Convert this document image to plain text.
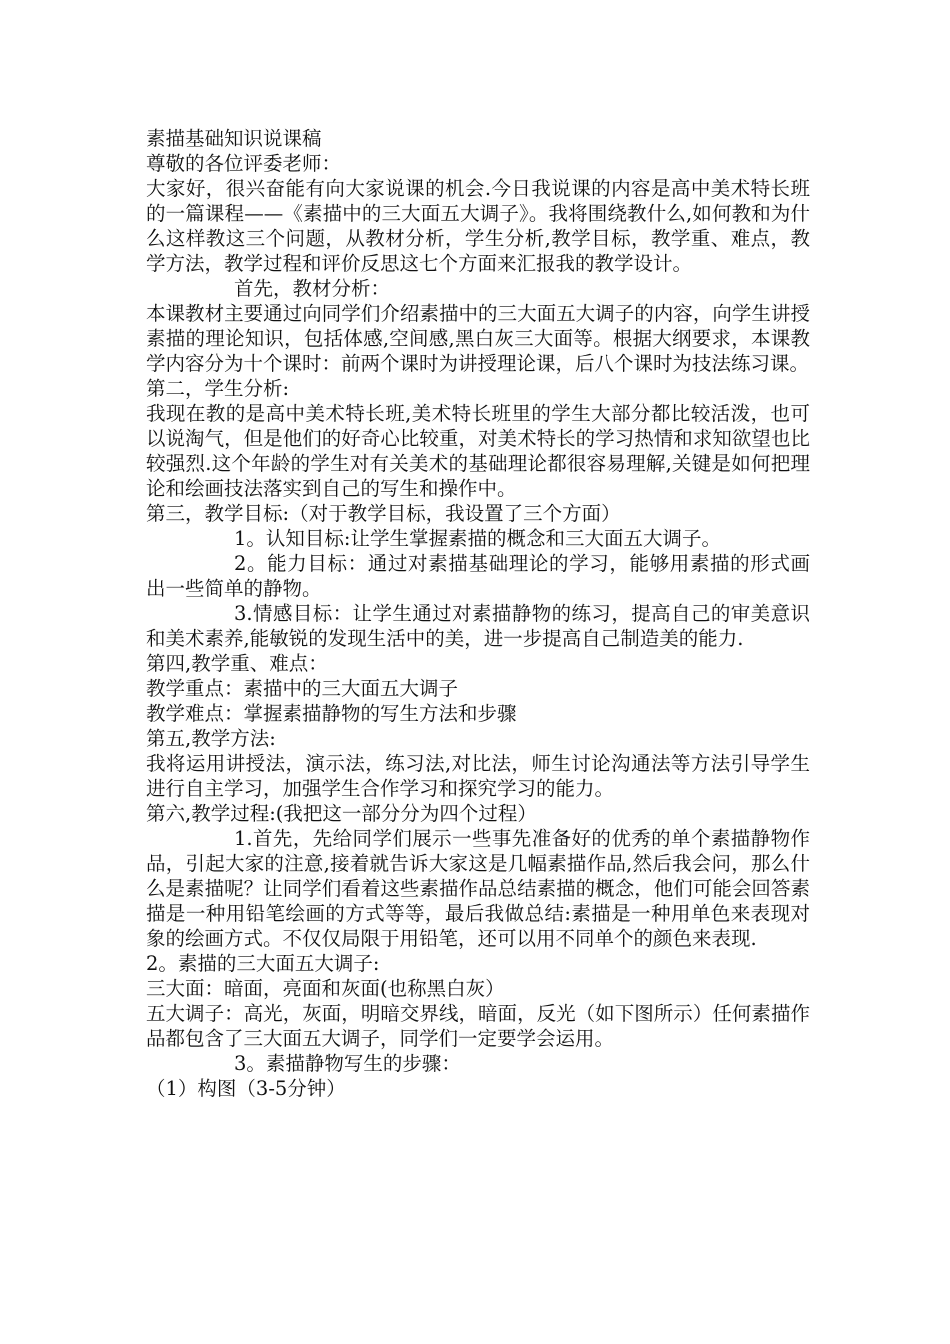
素描基础知识说课稿

尊敬的各位评委老师：

大家好，很兴奋能有向大家说课的机会.今日我说课的内容是高中美术特长班的一篇课程——《素描中的三大面五大调子》。我将围绕教什么,如何教和为什么这样教这三个问题，从教材分析，学生分析,教学目标，教学重、难点，教学方法，教学过程和评价反思这七个方面来汇报我的教学设计。

首先，教材分析：

本课教材主要通过向同学们介绍素描中的三大面五大调子的内容，向学生讲授素描的理论知识，包括体感,空间感,黑白灰三大面等。根据大纲要求，本课教学内容分为十个课时：前两个课时为讲授理论课，后八个课时为技法练习课。

第二，学生分析:

我现在教的是高中美术特长班,美术特长班里的学生大部分都比较活泼，也可以说淘气，但是他们的好奇心比较重，对美术特长的学习热情和求知欲望也比较强烈.这个年龄的学生对有关美术的基础理论都很容易理解,关键是如何把理论和绘画技法落实到自己的写生和操作中。

第三，教学目标:（对于教学目标，我设置了三个方面）

1。认知目标:让学生掌握素描的概念和三大面五大调子。

2。能力目标：通过对素描基础理论的学习，能够用素描的形式画出一些简单的静物。

3.情感目标：让学生通过对素描静物的练习，提高自己的审美意识和美术素养,能敏锐的发现生活中的美，进一步提高自己制造美的能力.

第四,教学重、难点：

教学重点：素描中的三大面五大调子

教学难点：掌握素描静物的写生方法和步骤

第五,教学方法:

我将运用讲授法，演示法，练习法,对比法，师生讨论沟通法等方法引导学生进行自主学习，加强学生合作学习和探究学习的能力。

第六,教学过程:(我把这一部分分为四个过程）

1.首先，先给同学们展示一些事先准备好的优秀的单个素描静物作品，引起大家的注意,接着就告诉大家这是几幅素描作品,然后我会问，那么什么是素描呢？让同学们看着这些素描作品总结素描的概念，他们可能会回答素描是一种用铅笔绘画的方式等等，最后我做总结:素描是一种用单色来表现对象的绘画方式。不仅仅局限于用铅笔，还可以用不同单个的颜色来表现.

2。素描的三大面五大调子:

三大面：暗面，亮面和灰面(也称黑白灰）

五大调子：高光，灰面，明暗交界线，暗面，反光（如下图所示）任何素描作品都包含了三大面五大调子，同学们一定要学会运用。

3。素描静物写生的步骤：

（1）构图（3-5分钟）
